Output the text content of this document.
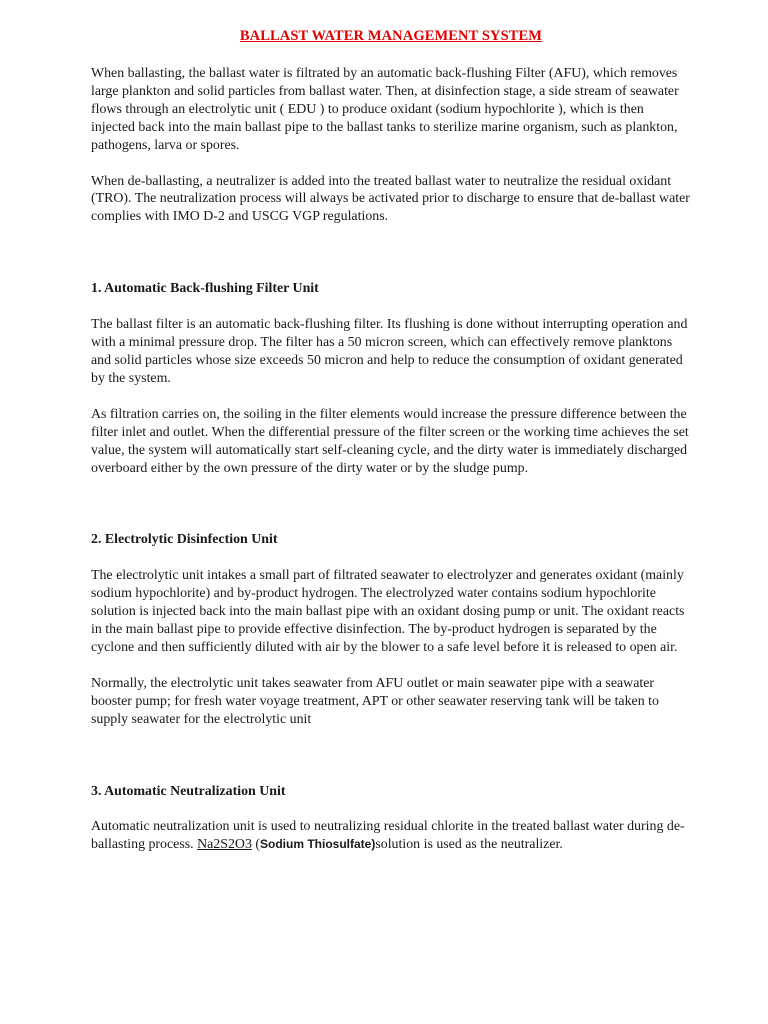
BALLAST WATER MANAGEMENT SYSTEM

When ballasting, the ballast water is filtrated by an automatic back-flushing Filter (AFU), which removes large plankton and solid particles from ballast water. Then, at disinfection stage, a side stream of seawater flows through an electrolytic unit ( EDU ) to produce oxidant (sodium hypochlorite ), which is then injected back into the main ballast pipe to the ballast tanks to sterilize marine organism, such as plankton, pathogens, larva or spores.

When de-ballasting, a neutralizer is added into the treated ballast water to neutralize the residual oxidant (TRO). The neutralization process will always be activated prior to discharge to ensure that de-ballast water complies with IMO D-2 and USCG VGP regulations.

1. Automatic Back-flushing Filter Unit

The ballast filter is an automatic back-flushing filter. Its flushing is done without interrupting operation and with a minimal pressure drop. The filter has a 50 micron screen, which can effectively remove planktons and solid particles whose size exceeds 50 micron and help to reduce the consumption of oxidant generated by the system.

As filtration carries on, the soiling in the filter elements would increase the pressure difference between the filter inlet and outlet. When the differential pressure of the filter screen or the working time achieves the set value, the system will automatically start self-cleaning cycle, and the dirty water is immediately discharged overboard either by the own pressure of the dirty water or by the sludge pump.

2. Electrolytic Disinfection Unit

The electrolytic unit intakes a small part of filtrated seawater to electrolyzer and generates oxidant (mainly sodium hypochlorite) and by-product hydrogen. The electrolyzed water contains sodium hypochlorite solution is injected back into the main ballast pipe with an oxidant dosing pump or unit. The oxidant reacts in the main ballast pipe to provide effective disinfection. The by-product hydrogen is separated by the cyclone and then sufficiently diluted with air by the blower to a safe level before it is released to open air.

Normally, the electrolytic unit takes seawater from AFU outlet or main seawater pipe with a seawater booster pump; for fresh water voyage treatment, APT or other seawater reserving tank will be taken to supply seawater for the electrolytic unit

3. Automatic Neutralization Unit

Automatic neutralization unit is used to neutralizing residual chlorite in the treated ballast water during de-ballasting process. Na2S2O3 (Sodium Thiosulfate)solution is used as the neutralizer.
